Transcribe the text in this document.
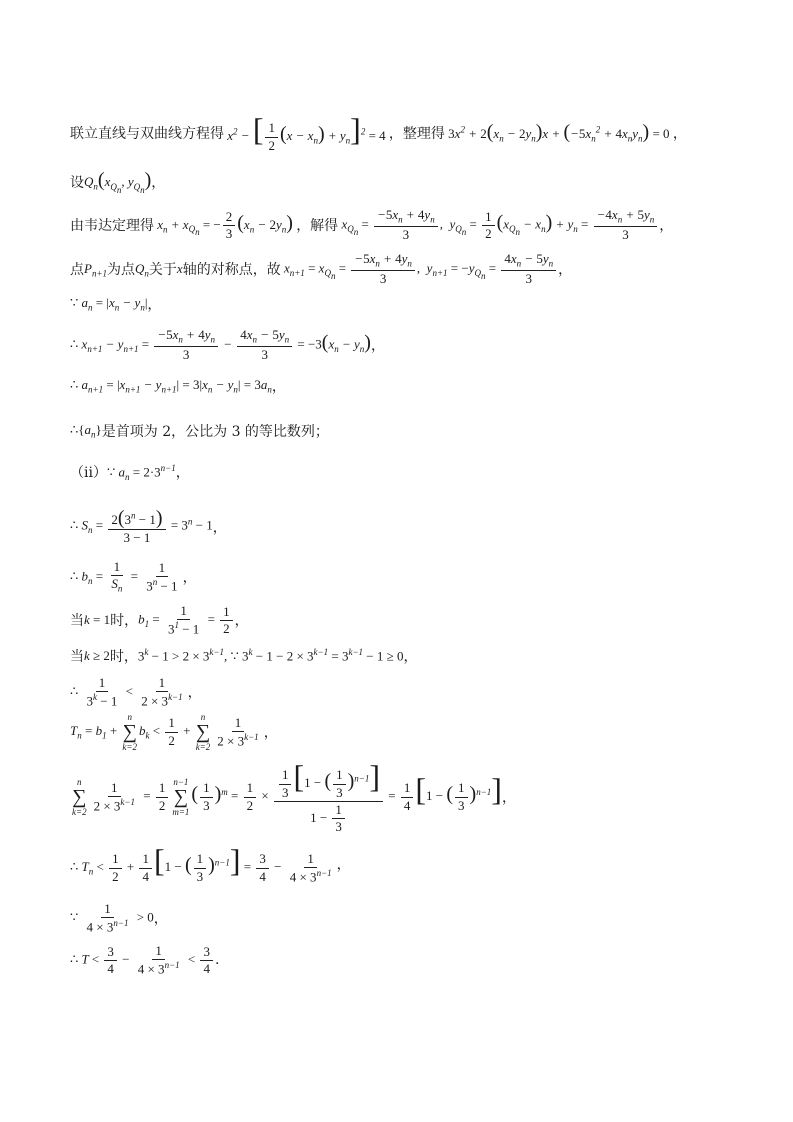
联立直线与双曲线方程得 $x^2$ − [ $\frac{1}{2} (x - x_n) + y_n]^2 = 4$ ，整理得 $3x^2 + 2(x_n - 2y_n)x + (-5x_n^2 + 4x_ny_n) = 0$ ，
设 $Q_n(x_{Q_n}$, $y_{Q_n}$) ，
由韦达定理得 $x_n + x_{Q_n}$ = − $\frac{2}{3} (x_n - 2y_n)$ ，解得 $x_{Q_n} = \frac{-5x_n + 4y_n}{3}$ ,  $y_{Q_n} = \frac{1}{2} (x_{Q_n} - x_n) + y_n = \frac{-4x_n + 5y_n}{3}$ ，
点 $P_{n+1}$ 为点 $Q_n$ 关于 x 轴的对称点，故 $x_{n+1} = x_{Q_n} = \frac{-5x_n + 4y_n}{3}$ ,  $y_{n+1} = -y_{Q_n} = \frac{4x_n - 5y_n}{3}$ ，
∵ $a_n = |x_n - y_n|$ ，
∴ $x_{n+1} - y_{n+1} = \frac{-5x_n + 4y_n}{3} - \frac{4x_n - 5y_n}{3} = -3(x_n - y_n)$ ，
∴ $a_{n+1} = |x_{n+1} - y_{n+1}| = 3|x_n - y_n| = 3a_n$ ，
$\therefore\{a_n\}$ 是首项为 2，公比为 3 的等比数列；
（ii） ∵ $a_n = 2\cdot 3^{n-1}$ ，
∴ $S_n = \frac{2(3^n - 1)}{3 - 1} = 3^n - 1$ ，
∴ $b_n = \frac{1}{S_n} = \frac{1}{3^n - 1}$ ，
当 k = 1 时， $b_1 = \frac{1}{3^1 - 1} = \frac{1}{2}$ ，
当 k ≥ 2 时， $3^k - 1 > 2 \times 3^{k-1}$, ∵ $3^k - 1 - 2 \times 3^{k-1} = 3^{k-1} - 1 \ge 0$ ，
∴ $\frac{1}{3^k - 1} < \frac{1}{2 \times 3^{k-1}}$ ，
$T_n = b_1$ +
n
∑
k=2
$b_k < \frac{1}{2}$ +
n
∑
$k=2 \frac{1}{2 \times 3^{k-1}}$ ，
n
∑
$k=2 \frac{1}{2 \times 3^{k-1}} = \frac{1}{2} n-1$
∑
m=1
( $\frac{1}{3} )^m = \frac{1}{2} \times \frac{\frac{1}{3} [1 - ( \frac{1}{3} )^{n-1}]}{1 - \frac{1}{3}} = \frac{1}{4} [1$ − ( $\frac{1}{3} )^{n-1}$] ，
∴ $T_n < \frac{1}{2} + \frac{1}{4} [1$ − ( $\frac{1}{3} )^{n-1}] = \frac{3}{4} - \frac{1}{4 \times 3^{n-1}}$ ，
∵ $\frac{1}{4 \times 3^{n-1}} > 0$ ，
∴ $T < \frac{3}{4} - \frac{1}{4 \times 3^{n-1}} < \frac{3}{4}$ .
